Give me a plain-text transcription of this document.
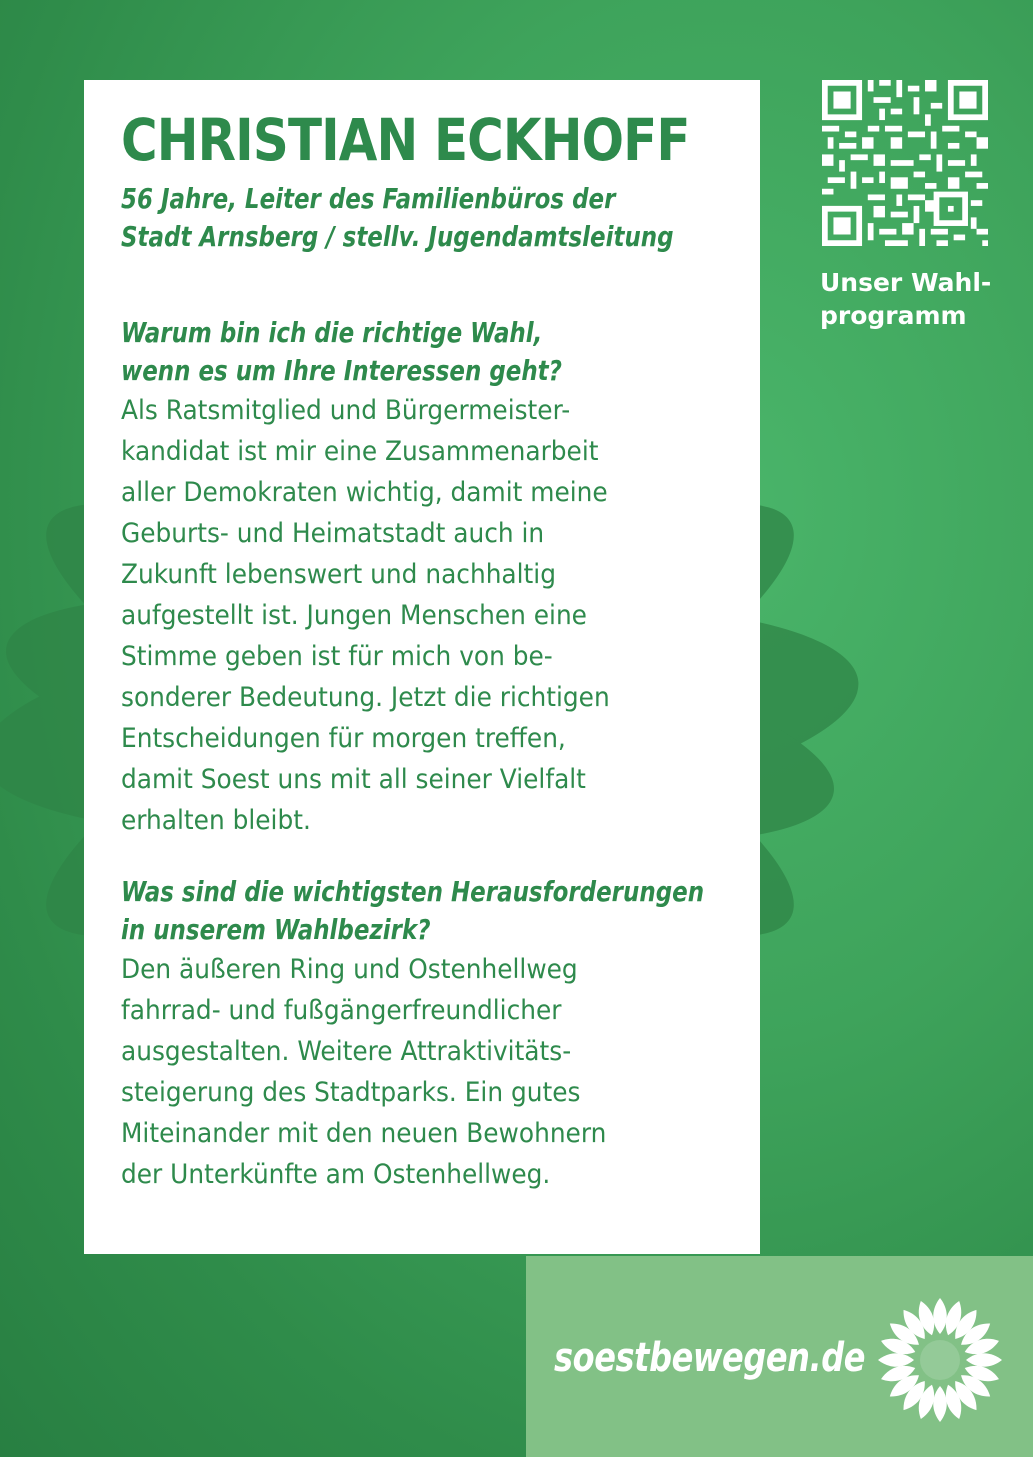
CHRISTIAN ECKHOFF
56 Jahre, Leiter des Familienbüros der
Stadt Arnsberg / stellv. Jugendamtsleitung
Warum bin ich die richtige Wahl,
wenn es um Ihre Interessen geht?
Als Ratsmitglied und Bürgermeister-
kandidat ist mir eine Zusammenarbeit
aller Demokraten wichtig, damit meine
Geburts- und Heimatstadt auch in
Zukunft lebenswert und nachhaltig
aufgestellt ist. Jungen Menschen eine
Stimme geben ist für mich von be-
sonderer Bedeutung. Jetzt die richtigen
Entscheidungen für morgen treffen,
damit Soest uns mit all seiner Vielfalt
erhalten bleibt.
Was sind die wichtigsten Herausforderungen
in unserem Wahlbezirk?
Den äußeren Ring und Ostenhellweg
fahrrad- und fußgängerfreundlicher
ausgestalten. Weitere Attraktivitäts-
steigerung des Stadtparks. Ein gutes
Miteinander mit den neuen Bewohnern
der Unterkünfte am Ostenhellweg.
Unser Wahl-
programm
soestbewegen.de
